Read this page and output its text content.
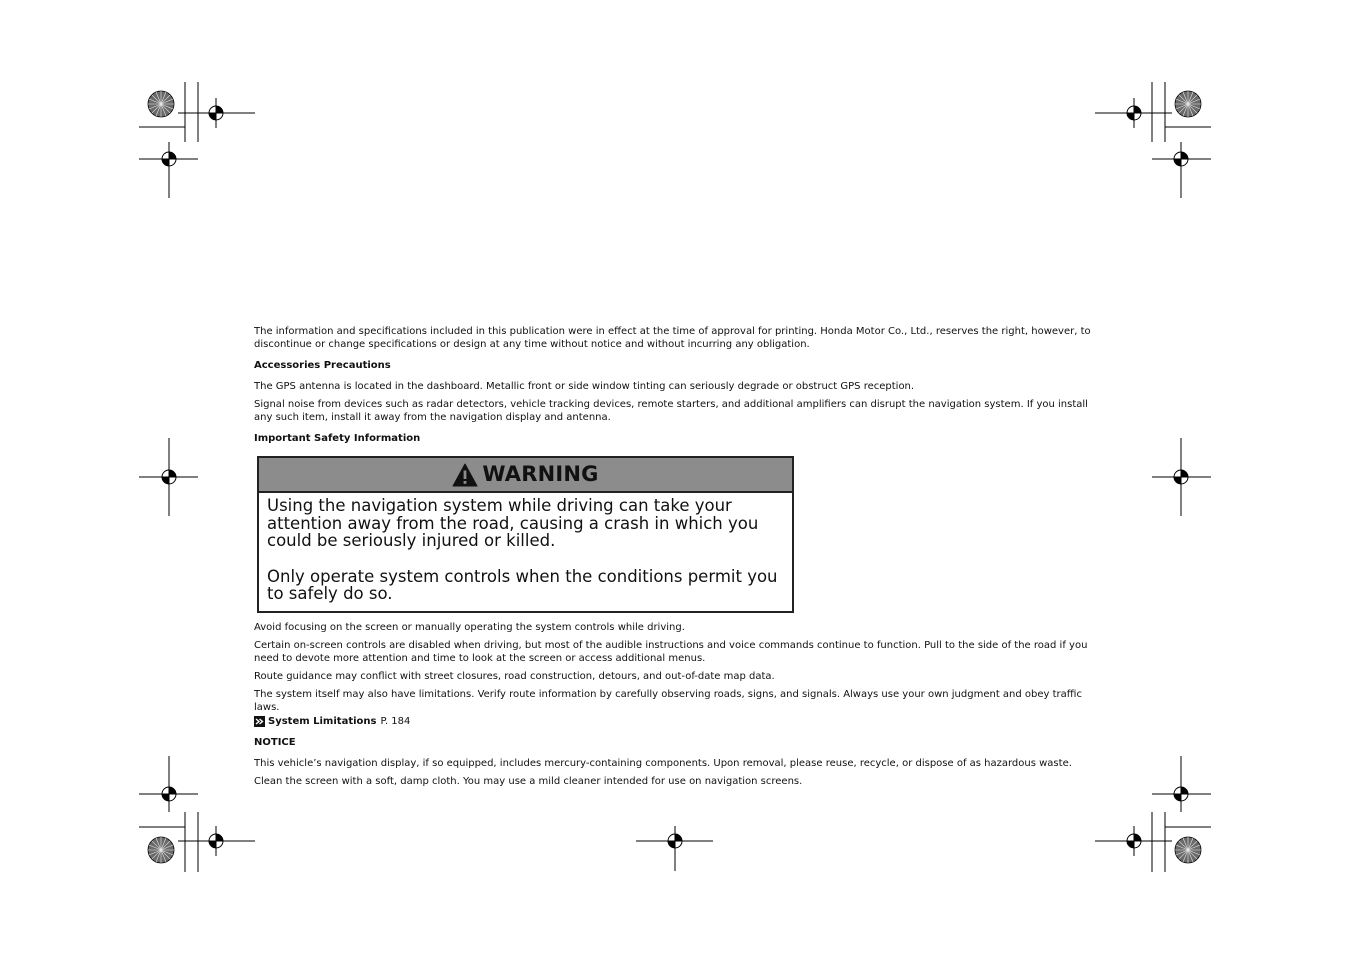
The information and specifications included in this publication were in effect at the time of approval for printing. Honda Motor Co., Ltd., reserves the right, however, to discontinue or change specifications or design at any time without notice and without incurring any obligation.

Accessories Precautions

The GPS antenna is located in the dashboard. Metallic front or side window tinting can seriously degrade or obstruct GPS reception.

Signal noise from devices such as radar detectors, vehicle tracking devices, remote starters, and additional amplifiers can disrupt the navigation system. If you install any such item, install it away from the navigation display and antenna.

Important Safety Information

WARNING

Using the navigation system while driving can take your attention away from the road, causing a crash in which you could be seriously injured or killed.

Only operate system controls when the conditions permit you to safely do so.

Avoid focusing on the screen or manually operating the system controls while driving.

Certain on-screen controls are disabled when driving, but most of the audible instructions and voice commands continue to function. Pull to the side of the road if you need to devote more attention and time to look at the screen or access additional menus.

Route guidance may conflict with street closures, road construction, detours, and out-of-date map data.

The system itself may also have limitations. Verify route information by carefully observing roads, signs, and signals. Always use your own judgment and obey traffic laws.

System Limitations P. 184

NOTICE

This vehicle’s navigation display, if so equipped, includes mercury-containing components. Upon removal, please reuse, recycle, or dispose of as hazardous waste.

Clean the screen with a soft, damp cloth. You may use a mild cleaner intended for use on navigation screens.
